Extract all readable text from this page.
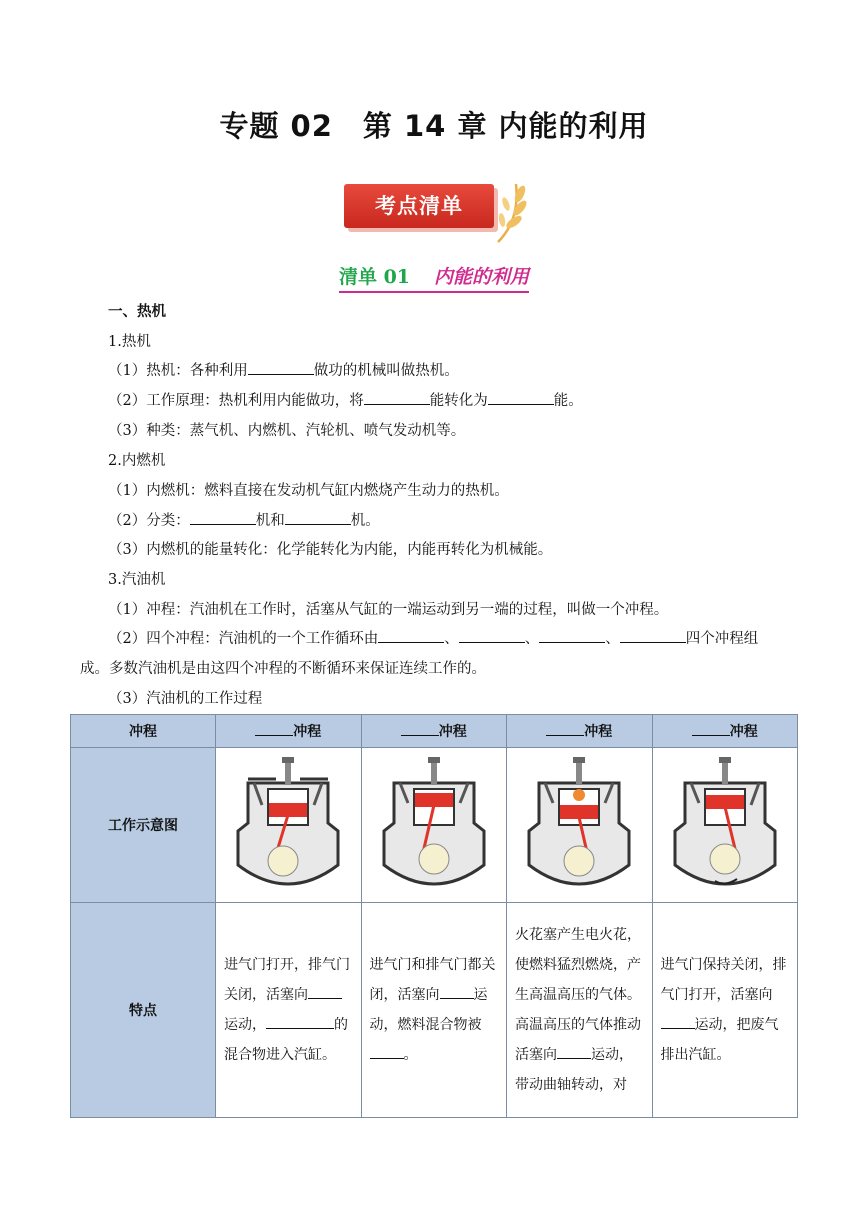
专题 02　第 14 章 内能的利用
考点清单
清单 01 内能的利用
一、热机
1.热机
（1）热机：各种利用	做功的机械叫做热机。
（2）工作原理：热机利用内能做功，将	能转化为	能。
（3）种类：蒸气机、内燃机、汽轮机、喷气发动机等。
2.内燃机
（1）内燃机：燃料直接在发动机气缸内燃烧产生动力的热机。
（2）分类：	机和	机。
（3）内燃机的能量转化：化学能转化为内能，内能再转化为机械能。
3.汽油机
（1）冲程：汽油机在工作时，活塞从气缸的一端运动到另一端的过程，叫做一个冲程。
（2）四个冲程：汽油机的一个工作循环由	、	、	、	四个冲程组
成。多数汽油机是由这四个冲程的不断循环来保证连续工作的。
（3）汽油机的工作过程
冲程	冲程	冲程	冲程	冲程
工作示意图				
特点	进气门打开，排气门关闭，活塞向运动， 的混合物进入汽缸。	进气门和排气门都关闭，活塞向 运动，燃料混合物被。	火花塞产生电火花，使燃料猛烈燃烧，产生高温高压的气体。高温高压的气体推动活塞向 运动，带动曲轴转动，对	进气门保持关闭，排气门打开，活塞向运动，把废气排出汽缸。
